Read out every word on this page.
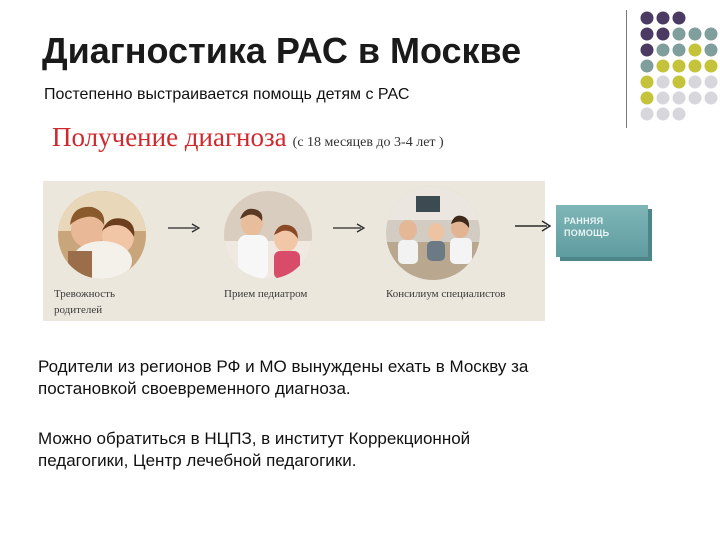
Диагностика РАС в Москве
Постепенно выстраивается помощь детям с РАС
Получение диагноза (с 18 месяцев до 3-4 лет )
РАННЯЯ
ПОМОЩЬ
Тревожность
родителей
Прием педиатром	Консилиум специалистов
Родители из регионов РФ и МО вынуждены ехать в Москву за
постановкой своевременного диагноза.
Можно обратиться в НЦПЗ, в институт Коррекционной
педагогики, Центр лечебной педагогики.
